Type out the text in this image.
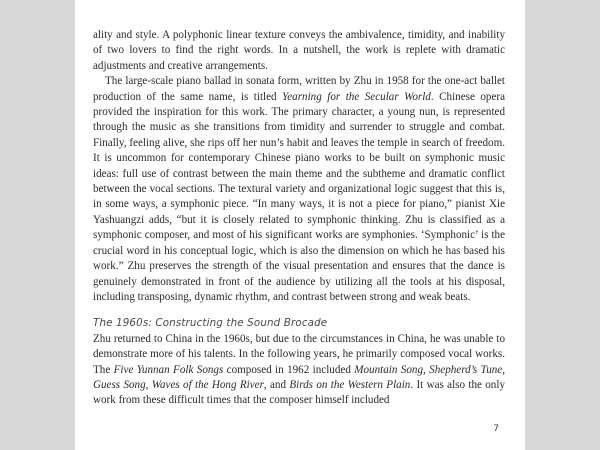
ality and style. A polyphonic linear texture conveys the ambivalence, timidity, and inability of two lovers to find the right words. In a nutshell, the work is replete with dramatic adjustments and creative arrangements.

The large-scale piano ballad in sonata form, written by Zhu in 1958 for the one-act ballet production of the same name, is titled Yearning for the Secular World. Chinese opera provided the inspiration for this work. The primary character, a young nun, is represented through the music as she transitions from timidity and surrender to struggle and combat. Finally, feeling alive, she rips off her nun’s habit and leaves the temple in search of freedom. It is uncommon for contemporary Chinese piano works to be built on symphonic music ideas: full use of contrast between the main theme and the subtheme and dramatic conflict between the vocal sections. The textural variety and organizational logic suggest that this is, in some ways, a symphonic piece. “In many ways, it is not a piece for piano,” pianist Xie Yashuangzi adds, “but it is closely related to symphonic thinking. Zhu is classified as a symphonic composer, and most of his significant works are symphonies. ‘Symphonic’ is the crucial word in his conceptual logic, which is also the dimension on which he has based his work.” Zhu preserves the strength of the visual presentation and ensures that the dance is genuinely demonstrated in front of the audience by utilizing all the tools at his disposal, including transposing, dynamic rhythm, and contrast between strong and weak beats.

The 1960s: Constructing the Sound Brocade

Zhu returned to China in the 1960s, but due to the circumstances in China, he was unable to demonstrate more of his talents. In the following years, he primarily composed vocal works. The Five Yunnan Folk Songs composed in 1962 included Mountain Song, Shepherd’s Tune, Guess Song, Waves of the Hong River, and Birds on the Western Plain. It was also the only work from these difficult times that the composer himself included

7
